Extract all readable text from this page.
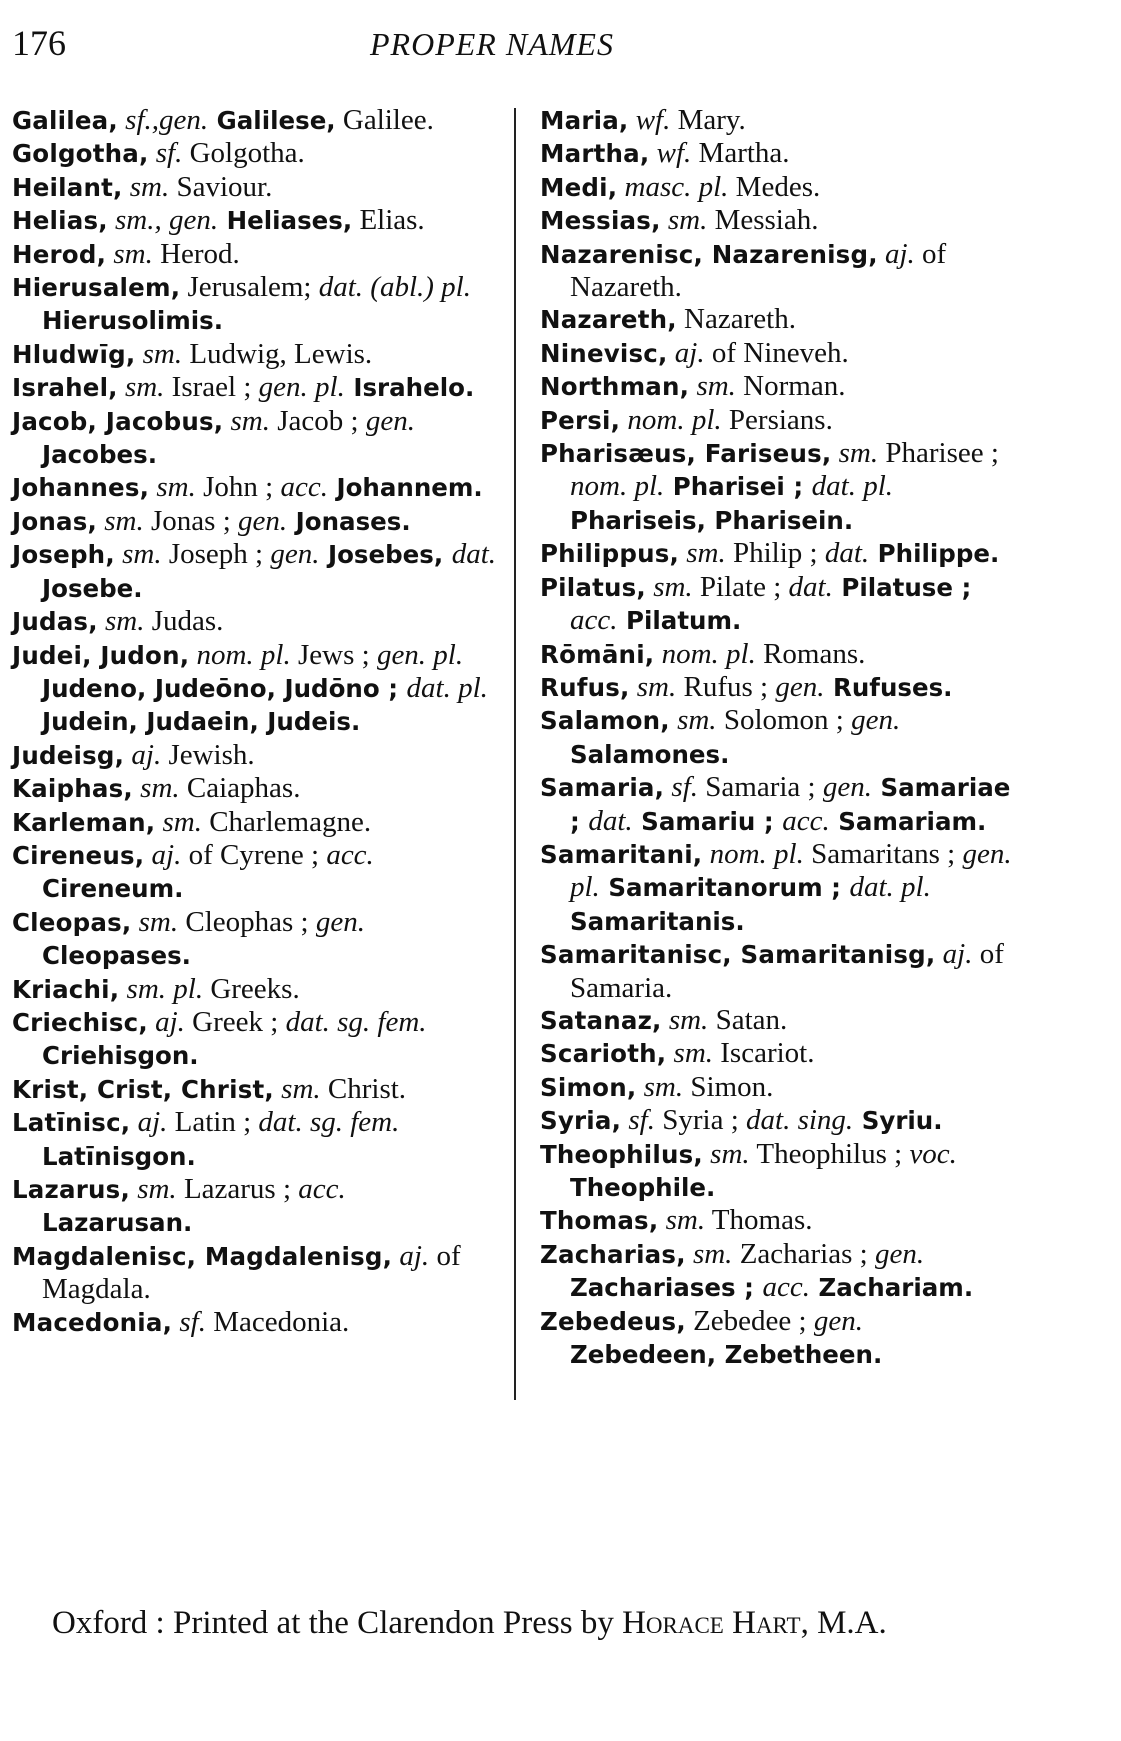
176	PROPER NAMES
Galilea, sf.,gen. Galilese, Galilee.
Golgotha, sf. Golgotha.
Heilant, sm. Saviour.
Helias, sm., gen. Heliases, Elias.
Herod, sm. Herod.
Hierusalem, Jerusalem; dat. (abl.) pl. Hierusolimis.
Hludwīg, sm. Ludwig, Lewis.
Israhel, sm. Israel ; gen. pl. Israhelo.
Jacob, Jacobus, sm. Jacob ; gen. Jacobes.
Johannes, sm. John ; acc. Johannem.
Jonas, sm. Jonas ; gen. Jonases.
Joseph, sm. Joseph ; gen. Josebes, dat. Josebe.
Judas, sm. Judas.
Judei, Judon, nom. pl. Jews ; gen. pl. Judeno, Judeōno, Judōno ; dat. pl. Judein, Judaein, Judeis.
Judeisg, aj. Jewish.
Kaiphas, sm. Caiaphas.
Karleman, sm. Charlemagne.
Cireneus, aj. of Cyrene ; acc. Cireneum.
Cleopas, sm. Cleophas ; gen. Cleopases.
Kriachi, sm. pl. Greeks.
Criechisc, aj. Greek ; dat. sg. fem. Criehisgon.
Krist, Crist, Christ, sm. Christ.
Latīnisc, aj. Latin ; dat. sg. fem. Latīnisgon.
Lazarus, sm. Lazarus ; acc. Lazarusan.
Magdalenisc, Magdalenisg, aj. of Magdala.
Macedonia, sf. Macedonia.
Maria, wf. Mary.
Martha, wf. Martha.
Medi, masc. pl. Medes.
Messias, sm. Messiah.
Nazarenisc, Nazarenisg, aj. of Nazareth.
Nazareth, Nazareth.
Ninevisc, aj. of Nineveh.
Northman, sm. Norman.
Persi, nom. pl. Persians.
Pharisæus, Fariseus, sm. Pharisee ; nom. pl. Pharisei ; dat. pl. Phariseis, Pharisein.
Philippus, sm. Philip ; dat. Philippe.
Pilatus, sm. Pilate ; dat. Pilatuse ; acc. Pilatum.
Rōmāni, nom. pl. Romans.
Rufus, sm. Rufus ; gen. Rufuses.
Salamon, sm. Solomon ; gen. Salamones.
Samaria, sf. Samaria ; gen. Samariae ; dat. Samariu ; acc. Samariam.
Samaritani, nom. pl. Samaritans ; gen. pl. Samaritanorum ; dat. pl. Samaritanis.
Samaritanisc, Samaritanisg, aj. of Samaria.
Satanaz, sm. Satan.
Scarioth, sm. Iscariot.
Simon, sm. Simon.
Syria, sf. Syria ; dat. sing. Syriu.
Theophilus, sm. Theophilus ; voc. Theophile.
Thomas, sm. Thomas.
Zacharias, sm. Zacharias ; gen. Zachariases ; acc. Zachariam.
Zebedeus, Zebedee ; gen. Zebedeen, Zebetheen.
Oxford : Printed at the Clarendon Press by Horace Hart, M.A.
